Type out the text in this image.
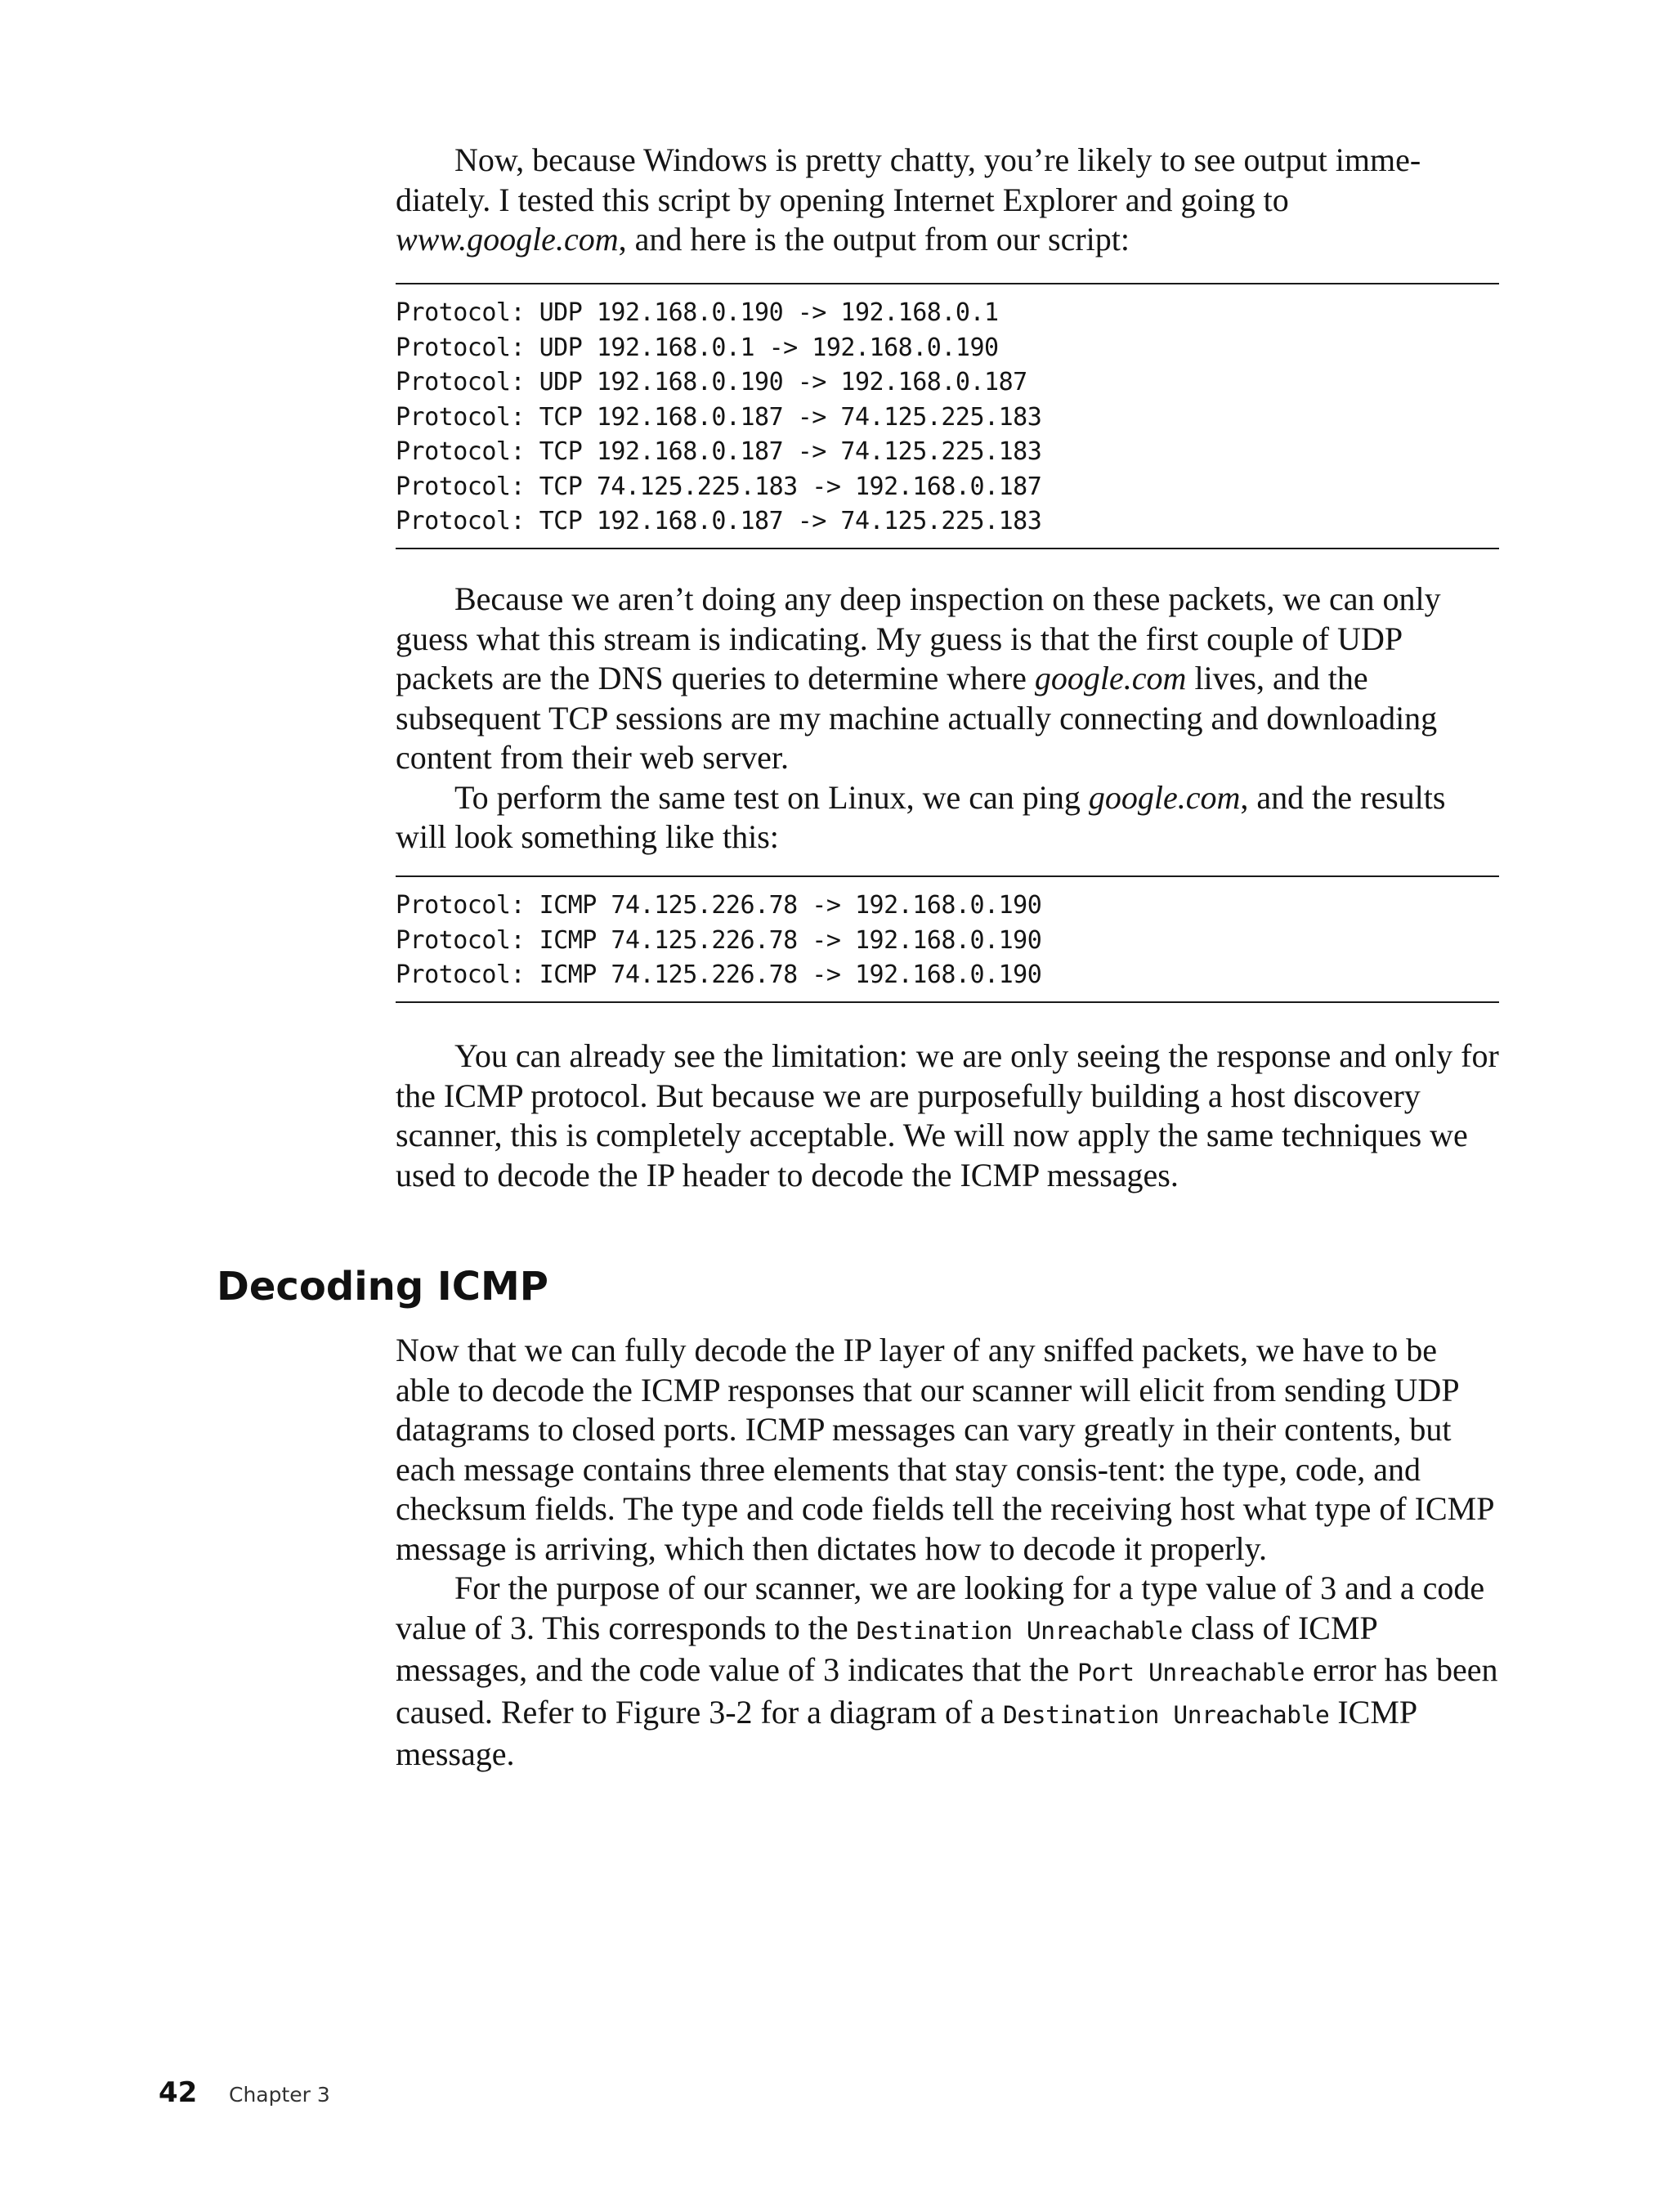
Now, because Windows is pretty chatty, you’re likely to see output imme-diately. I tested this script by opening Internet Explorer and going to www.google.com, and here is the output from our script:

Protocol: UDP 192.168.0.190 -> 192.168.0.1
Protocol: UDP 192.168.0.1 -> 192.168.0.190
Protocol: UDP 192.168.0.190 -> 192.168.0.187
Protocol: TCP 192.168.0.187 -> 74.125.225.183
Protocol: TCP 192.168.0.187 -> 74.125.225.183
Protocol: TCP 74.125.225.183 -> 192.168.0.187
Protocol: TCP 192.168.0.187 -> 74.125.225.183

Because we aren’t doing any deep inspection on these packets, we can only guess what this stream is indicating. My guess is that the first couple of UDP packets are the DNS queries to determine where google.com lives, and the subsequent TCP sessions are my machine actually connecting and downloading content from their web server.

To perform the same test on Linux, we can ping google.com, and the results will look something like this:

Protocol: ICMP 74.125.226.78 -> 192.168.0.190
Protocol: ICMP 74.125.226.78 -> 192.168.0.190
Protocol: ICMP 74.125.226.78 -> 192.168.0.190

You can already see the limitation: we are only seeing the response and only for the ICMP protocol. But because we are purposefully building a host discovery scanner, this is completely acceptable. We will now apply the same techniques we used to decode the IP header to decode the ICMP messages.

Decoding ICMP

Now that we can fully decode the IP layer of any sniffed packets, we have to be able to decode the ICMP responses that our scanner will elicit from sending UDP datagrams to closed ports. ICMP messages can vary greatly in their contents, but each message contains three elements that stay consis-tent: the type, code, and checksum fields. The type and code fields tell the receiving host what type of ICMP message is arriving, which then dictates how to decode it properly.

For the purpose of our scanner, we are looking for a type value of 3 and a code value of 3. This corresponds to the Destination Unreachable class of ICMP messages, and the code value of 3 indicates that the Port Unreachable error has been caused. Refer to Figure 3-2 for a diagram of a Destination Unreachable ICMP message.

42 Chapter 3
